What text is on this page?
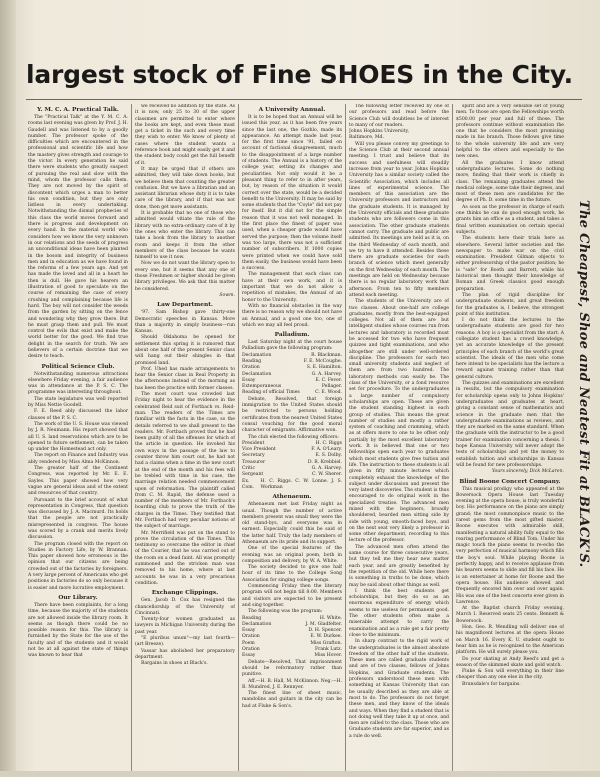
largest stock of Fine SHOES in the City.
Y. M. C. A. Practical Talk.

The "Practical Talk" at the Y. M. C. A. rooms last evening was given by Prof. J. H. Gaudell and was listened to by a goodly number. The professor spoke of the difficulties which are encountered in the professional and scientific life and how the mastery gives strength and courage to the victor. In every generation he said there were students who greatly suspect of pursuing the real and slow with the mind, whom the professor calls them. They are not moved by the spirit of discontent which urges a man to better his own condition, but they are only listless in every undertaking. Notwithstanding the dismal prophecies of this class the world moves forward and there is progress and development on every hand. In the material world who considers how we know the very unknown in our relations and the seeds of progress an unconditional ideas have been planted in the bosom and integrity of business men and in education as we have found in the reforms of a few years ago. And yet has made the loved and all in a heart he then is dull. He gave his hearers an illustration of good to speculate on the course of remaining the case of every crushing and complaining because life is hard. The boy will not consider the weeds from the garden by sitting on the fence and wondering why they grow there. But he must grasp them and pull. We must control the evils that exist and make the world better for the good. We find true delight in the search for truth. We are believers of a certain doctrine that we desire to teach.

Political Science Club.

Notwithstanding numerous attractions elsewhere Friday evening, a fair audience was in attendance at the P. S. C. The programme was interesting throughout.

The state legislature was well reported by Miss Nettie Goodell.

F. E. Reed ably discussed the labor clauses of the P. S. C.

The work of the U. S. House was viewed by J. R. Neumann. His report showed that all U. S. land reservations which are to be opened to future settlement, can be taken up under the Homestead act only.

The report on Finance and Industry was ably rendered by Miss Alma McKinnon.

The greater half of the Continent Congress, was reported by Mr. E. E. Sayles. This paper showed how very vague are general ideas and of the extent and resources of that country.

Pursuant to the brief account of what representation in Congress, that question was discussed by J. A. Macmurd. Its holds that the people are not practically misrepresented in congress. The house was scored by a crank and merits lively discussion.

The program closed with the report on Studies in Factory Life, by W. Brannan. This paper showed how erroneous is the opinion that our citizens are being crowded out of the factories by foreigners. A very large percent of Americans who get positions in factories do so only because it is easier and more lucrative employment.

Our Library.

There have been complaints, for a long time, because the majority of the students are not allowed inside the library room. It seems as though there could be no possible reason for this. The library is furnished by the State for the use of the faculty and of the students and it would not be at all against the state of things was known to hear that

we received no addition by the state. As it is now, only 25 to 30 of the upper classmen are permitted to enter where the books are kept, and even these must get a ticket in the such and every time they wish to enter. We know of plenty of cases where the student wants a reference book and might easily get it and the student body could get the full benefit of it.

It may be urged that if others are admitted, they will take down books, but we believe them that counting the greater confusion. But we have a librarian and an assistant librarian whose duty it is to take care of the library, and if that was not done, then get more assistants.

It is probable that no one of those who admitted would vitiate the rule of the library with no extra-ordinary care of it by the ones who enter the library. This can take a book from the library to another room and keeps it from the other members of the class because he wants himself to use it now.

Now we do not want the library open to every one, but it seems that any one of those Freshmen or higher should be given library privileges. We ask that this matter be considered.

Sowm.

Law Department.

'97. Sam Bishop gave thirty-one Democratic speeches in Kansas. More than a majority in simply business—run Kansas.

Should Oklahoma be opened for settlement this spring it is rumored that about one half of the present Senior class will hang out their shingles in that promised land.

Prof. Uhed has made arrangements to hear the Senior class in Real Property in the afternoons instead of the morning as has been the practice with former classes.

The moot court was crowded last Friday night to hear the evidence in the celebrated Reid suit of Fortbach vs. Reid-man. The readers of the Times are familiar with the facts in the case, so the details referred to we shall present to the readers. Mr. Fortbach proved that he had been guilty of all the offenses for which of the article in question. He invoked his own ways in the passage of the law to counter throw him court out, he had not had a claims when a time in the new court at the end of the month and his fees will be trebled with time in his case, the marriage relation needed commencement upon of reformation. The plaintiff called from C. M. Rapid, the defense used a number of the members of Mr. Fortbach's boarding club to prove the truth of the charges in the Times. They testified that Mr. Fortbach had very peculiar notions of the subject of marriage.

Mr. Merrifield was put on the stand to prove the circulation of the Times. This testimony so overcame the editor in chief of the Courier, that he was carried out of the room on a dead faint. All was promptly summoned and the stricken man was removed to his home, where at last accounts he was in a very precarious condition.

Exchange Clippings.

Gen. Jacob D. Cox has resigned the chancellorship of the University of Cincinnati.

Twenty-four women graduated as lawyers in Michigan University during the past year.

"E pluribus unum"—my last fourth— (art Breeze).

Vassar has abolished her preparatory department.

Bargains in shoes at Black's.

A University Annual.

It is to be hoped that an Annual will be issued this year, as it has been five years since the last one, the Gozhlo, made its appearance. An attempt made last year, for the first time since '91, failed on account of factional disagreement, much to the disappointment of a large number of students. The Annual is a history of the college year, setting its changes and peculiarities. Not only would it be a pleasant thing to refer to in after years, but, by reason of the situation it would correct over the state, would be a decided benefit to the University. It may be said by some students that the "Coyle" did not pay for itself. But it did not for the simple reason that it was not well managed. In the first place the finest of paper was used, when a cheaper grade would have served the purpose; then the volume itself was too large, there was not a sufficient number of subscribers. If 1000 copies were printed when we could have sold them easily, the business would have been a success.

The management that each class can have at their own work, and it is important that we do not allow a repetition of mistakes, the Annual of an honor to the University.

With no financial obstacles in the way there is no reason why we should not have an Annual, and a good one too, one of which we may all feel proud.

Palladium.

Last Saturday night at the court house Palladium gave the following program:

Declamation	R. Blackman.
Reading	F. E. McCoughe.
Oration	S. E. Hamilton.
Declamation	G. A. Harvey.
Essay	E. C. Fever.
Extemporaneous	Pellager.
Reading of official Times	C. E. Wood.

Debate, Resolved, that foreign immigration to the United States should be restricted to persons holding certificates from the nearest United States consul vouching for the good moral character of emigrants. Affirmative won.

The club elected the following officers:

President	H. C. Riggs
Vice President	F. A. O'Leary.
Secretary	E. S. Dolby.
Treasurer	D. R. Krebbiel.
Critic	G. A. Harvey.
Sergeant	C. W. Sherer.
Ex. Com.
H. C. Riggs. C. W. Lonne. J. S. Workman
Athenaeum.

Athenaeum met last Friday night as usual. Though the number of active members present was small they were the old stand-bys, and everyone was in earnest. Especially could this be said of the latter half. Truly the lady members of Athenaeum are its pride and its support.

One of the special features of the evening was an original poem, both in composition and delivery, by W. A. White.

The society decided to give one half hour of its time to the College Song Association for singing college songs.

Commencing Friday then the literary program will not begin till 8:00. Members and visitors are expected to be present and sing together.

The following was the program:

Reading	H. White.
Declamation	J. M. Gladfelter.
Essay	D. H. Spencer.
Oration	E. W. Durkee.
Poem	Miss Grafton.
Oration	Frank Lutz.
Essay	Miss Hover.

Debate—Resolved, That imprisonment should be reformatory rather than punitive.

Aff.—H. B. Hall, M. McKinnon. Neg.—H. B. Mundred, J. E. Rennyer.

The finest line of sheet music, mandolins and guitars in the city can be had at Fluke & Son's.

The following letter received by one of our professors and read before the Science Club will doubtless be of interest to many of our readers.

Johns Hopkins University,
Baltimore, Md.

Will you please convey my greetings to the Science Club at their second annual meeting. I trust and believe that its success and usefulness will steadily increase from year to year. Johns Hopkins University has a similar society called the Scientific Association, which includes all lines of experimental science. The members of this association are the University professors and instructors and the graduate students. It is managed by the University officials and these graduate students who are followers come in this association. The other graduate students cannot carry. The graduate and public are admitted. Its meetings are held as it is, on the third Wednesday of each month, and we try to have it attended. Besides these there are graduate societies for each branch of science which meet generally on the first Wednesday of each month. The meetings are held on Wednesday because there is no regular laboratory work that afternoon. From ten to fifty members attend each meeting.

The students of the University are of two classes. About one-half are college graduates, mostly from the best-equipped colleges. Not all of them are but intelligent studies whose courses run from lectures and laboratory is recorded must be accessed for two who have frequent quizzes and tight examinations, and who altogether are still under well-ordered discipline. The professors for each two small university students and neglect of them are from two hundred. The laboratory methods can easily be. The class of the University, or a fond resource set for procedure. To the undergraduates a large number of compulsory scholarships are open. These are given the student standing highest in each group of studies. This means the great number of studies and mostly a rather system of coaching and cramming, which as at offers more to one to be offset only partially by the most excellent laboratory work. It is believed that one or two fellowships open each year to graduates which most students give free tuition and life. The instruction to these students is all given in fifty minute lectures which completely exhaust the knowledge of the subject under discussion and present the very latest discoveries. The student is thus encouraged to do original work in the specialized treatise. The advanced men mixed with the beginners, broadly shouldered, bearded men sitting side by side with young, smooth-faced boys, and on the next seat very likely a professor in some other department, recording to this lecture of the professor.

The advanced men often attend the same course for three consecutive years, but they tell me they hear new matter each year, and are greatly benefited by the repetition of the old. While here there is something in truths to be done, which may be said about other things as well.

I think the best students get scholarships, but they do so as an enormous expenditure of energy which seems to me useless for permanent good. The other students often make a miserable attempt to carry the examination and as a rule get a fair pretty close to the minimum.

In sharp contrast to the rigid work of the undergraduates is the almost absolute freedom of the other half of the students. These men are called graduate students and are of two classes, fellows of Johns Hopkins, and Graduate students. The professors understood these men with something at Kansas University that can be usually described as they are able at most to do. The professors do not forget these men, and they know of the ideals and ways. When they find a student that is not doing well they take it up at once, and men are called to the class. Those who are Graduate students are far superior, and as a rule do well.

spirit and are a very sensible set of young men. To those are open the Fellowships worth $500.00 per year and full of those. The professors continue without examination the one that he considers the most promising made in his branch. Those fellows give time to the whole university life and are very helpful to the others and especially to the new ones.

All the graduates I know attend undergraduate lectures. Some do nothing more, finding that their work is chiefly in class. The remaining graduates attend the medical college, some take their degrees, and most of these men are candidates for the degree of Ph. D. some time in the future.

As soon as the professor in charge of each one thinks he can do good enough work, he grants him an office as a student, and takes a final written examination on certain special subjects.

The students here their trials here as elsewhere. Several latter societies and the newspaper to make war on the civil examination. President Gilman objects to either professorship of the pastor position; he is "safe" for Booth and Barrett, while his historical men thought their knowledge of Roman and Greek classics good enough preparation.

The plan of rigid discipline for undergraduate students, and great freedom for the graduates is, I believe, the strongest point of this institution.

I do not think the lectures to the undergraduate students are good for two reasons: A boy is a specialist from the start. A collegiate student has a crowd knowledge, yet an accurate knowledge of the present principles of each branch of the world's great scientist. The ideals of the men who come here intend to be specialists has the lecture a reward against training rather than that general culture.

The quizzes and examinations are excellent in results, but the compulsory examination for scholarship opens only to Johns Hopkins' undergraduates and graduates at heart, giving a constant sense of mathematics and science in the graduate men that the undergraduate examinations as reviews, and they are marked on the same standard. When the graduate with the instructor to be a good trainer for examination concerning a thesis. I hope Kansas University will never adopt the tests of scholarships and yet the money to establish tuition and scholarships in Kansas will be found for new professorships.

Yours sincerely, Dick McLaren.

Blind Boone Concert Company.

This musical prodigy who appeared at the Bowersock Opera House last Tuesday evening at the opera house, is truly wonderful boy. His performance on the piano are simply grand; the most commonplace music to the rarest gems from the most gifted master, Boone executes with admirable skill, manifesting a natural ability fully equal to the rearing performance of Blind Tom. Under his magic touch the piano seems to re-echo the very perfection of musical harmony which fills the boy's soul. While playing Boone is perfectly happy, and to receive applause from his hearers seems to slide and fill his face. He is an entertainer at home for Boone and the opera house. His audience showed and frequently encored him over and over again. His was one of the best concerts ever given in Lawrence.

At the Baptist church Friday evening, March 1. Reserved seats 25 cents. Bennett & Bowersock.

Hon. Geo. R. Wendling will deliver one of his magnificent lectures at the opera House on March 16. Every K. U. student ought to hear him as he is recognized to the American platform. He will surely please you.

Do your skating at Andy Reed's and get a season of the skimmed skate and gold watch.

Fluke & Son will everything in their line cheaper than any one else in the city.

Brunsdale's for bargains.

The Cheapest, Shoe and Neatest Fit at BLACK'S.
